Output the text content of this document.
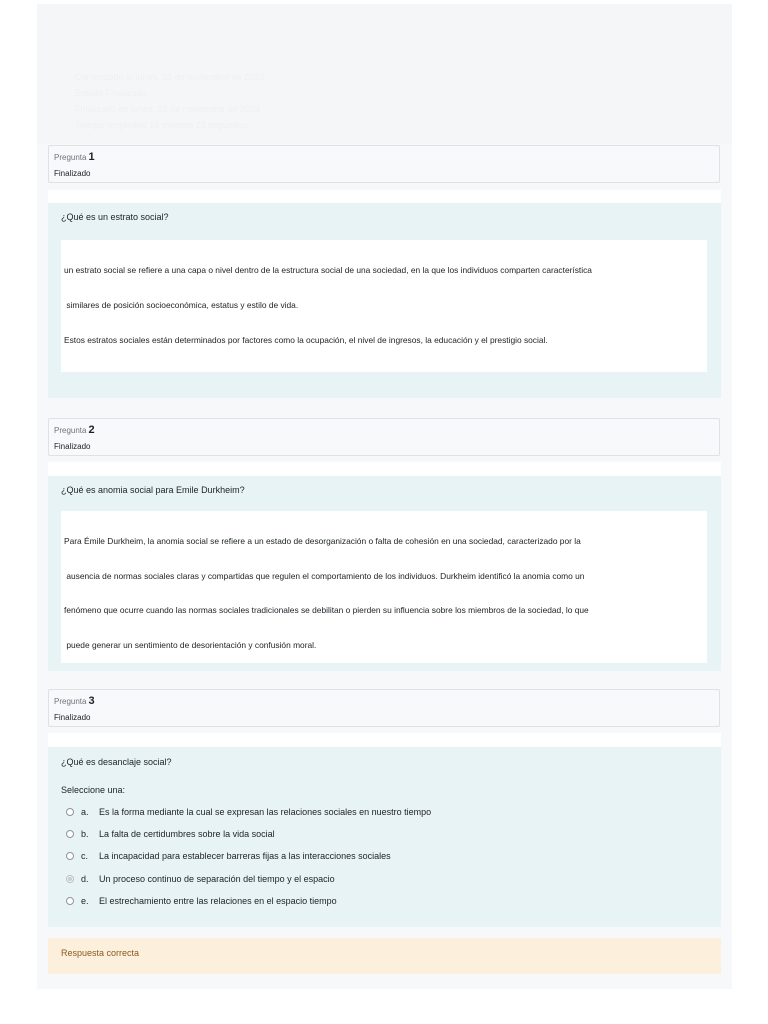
Comenzado el lunes, 13 de noviembre de 2023
Estado Finalizado
Finalizado en lunes, 13 de noviembre de 2023
Tiempo empleado 16 minutos 28 segundos
Pregunta 1
Finalizado
¿Qué es un estrato social?

un estrato social se refiere a una capa o nivel dentro de la estructura social de una sociedad, en la que los individuos comparten característica

similares de posición socioeconómica, estatus y estilo de vida.

Estos estratos sociales están determinados por factores como la ocupación, el nivel de ingresos, la educación y el prestigio social.

Pregunta 2
Finalizado
¿Qué es anomia social para Emile Durkheim?

Para Émile Durkheim, la anomia social se refiere a un estado de desorganización o falta de cohesión en una sociedad, caracterizado por la

ausencia de normas sociales claras y compartidas que regulen el comportamiento de los individuos. Durkheim identificó la anomia como un

fenómeno que ocurre cuando las normas sociales tradicionales se debilitan o pierden su influencia sobre los miembros de la sociedad, lo que

puede generar un sentimiento de desorientación y confusión moral.

Pregunta 3
Finalizado
¿Qué es desanclaje social?
Seleccione una:
a.	Es la forma mediante la cual se expresan las relaciones sociales en nuestro tiempo
b.	La falta de certidumbres sobre la vida social
c.	La incapacidad para establecer barreras fijas a las interacciones sociales
d.	Un proceso continuo de separación del tiempo y el espacio
e.	El estrechamiento entre las relaciones en el espacio tiempo
Respuesta correcta
